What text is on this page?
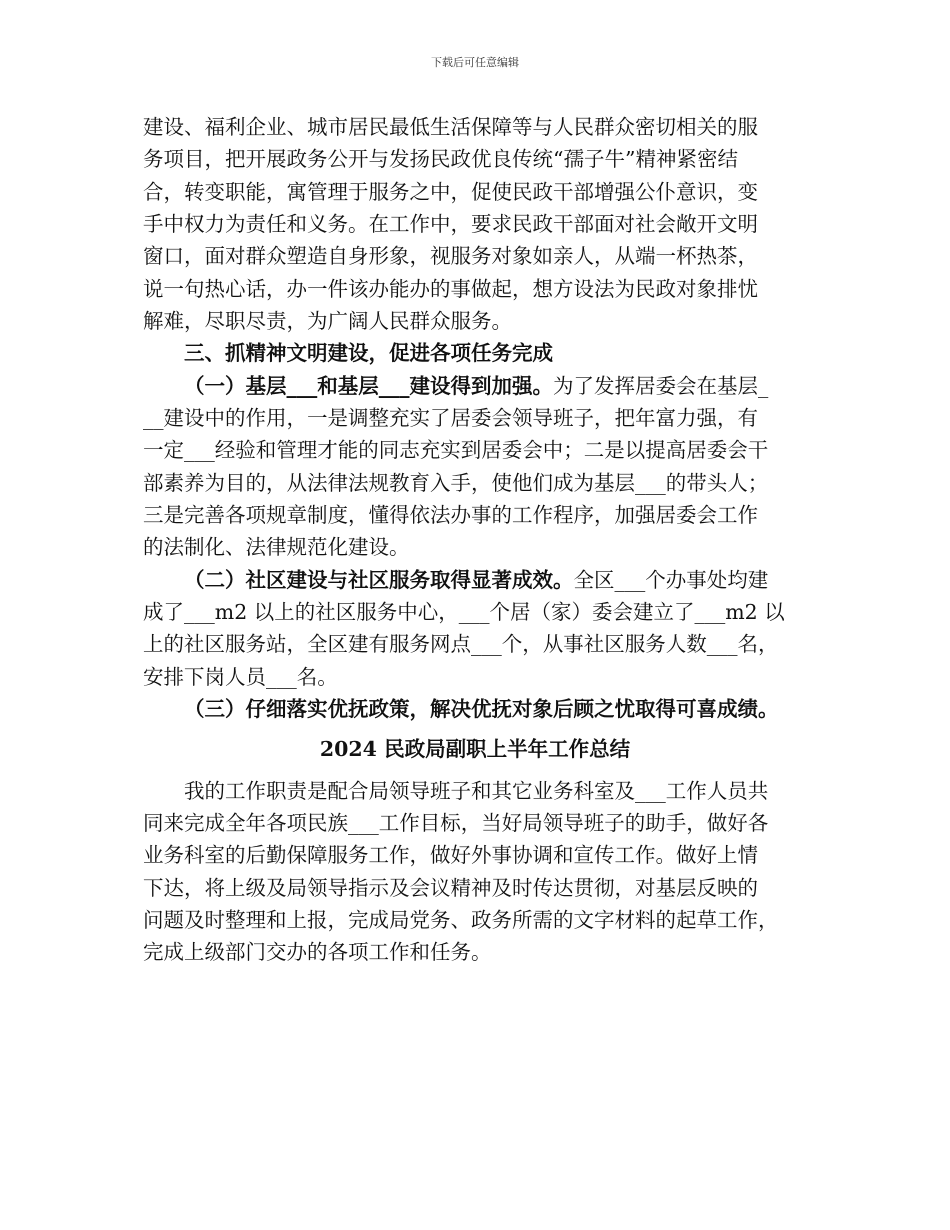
下载后可任意编辑
建设、福利企业、城市居民最低生活保障等与人民群众密切相关的服
务项目，把开展政务公开与发扬民政优良传统“孺子牛”精神紧密结
合，转变职能，寓管理于服务之中，促使民政干部增强公仆意识，变
手中权力为责任和义务。在工作中，要求民政干部面对社会敞开文明
窗口，面对群众塑造自身形象，视服务对象如亲人，从端一杯热茶，
说一句热心话，办一件该办能办的事做起，想方设法为民政对象排忧
解难，尽职尽责，为广阔人民群众服务。
三、抓精神文明建设，促进各项任务完成
（一）基层___和基层___建设得到加强。为了发挥居委会在基层_
__建设中的作用，一是调整充实了居委会领导班子，把年富力强，有
一定___经验和管理才能的同志充实到居委会中；二是以提高居委会干
部素养为目的，从法律法规教育入手，使他们成为基层___的带头人；
三是完善各项规章制度，懂得依法办事的工作程序，加强居委会工作
的法制化、法律规范化建设。
（二）社区建设与社区服务取得显著成效。全区___个办事处均建
成了___m2 以上的社区服务中心，___个居（家）委会建立了___m2 以
上的社区服务站，全区建有服务网点___个，从事社区服务人数___名，
安排下岗人员___名。
（三）仔细落实优抚政策，解决优抚对象后顾之忧取得可喜成绩。
2024 民政局副职上半年工作总结
我的工作职责是配合局领导班子和其它业务科室及___工作人员共
同来完成全年各项民族___工作目标，当好局领导班子的助手，做好各
业务科室的后勤保障服务工作，做好外事协调和宣传工作。做好上情
下达，将上级及局领导指示及会议精神及时传达贯彻，对基层反映的
问题及时整理和上报，完成局党务、政务所需的文字材料的起草工作，
完成上级部门交办的各项工作和任务。
